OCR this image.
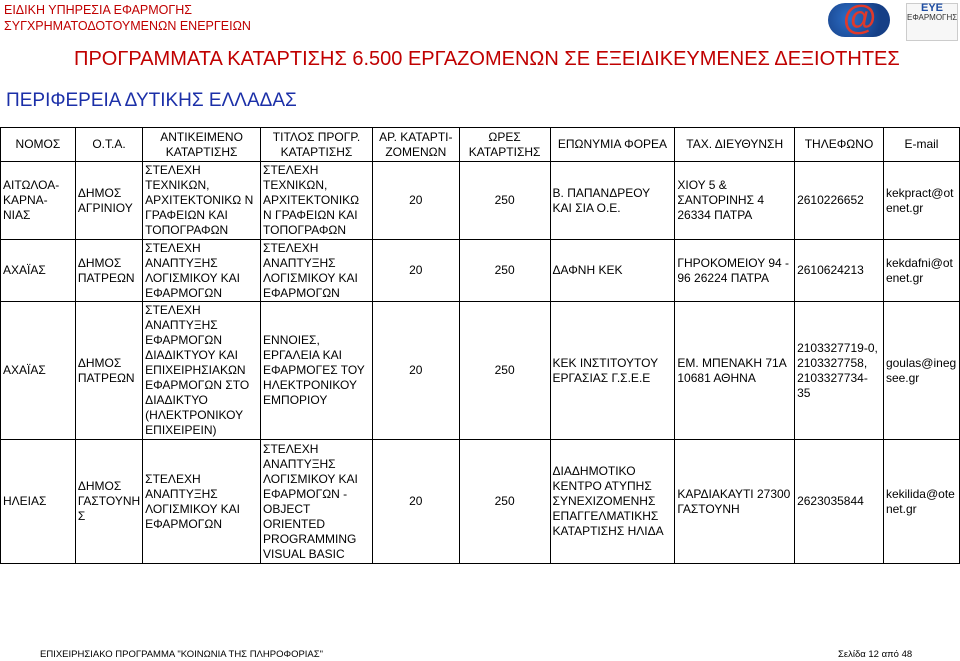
ΕΙΔΙΚΗ ΥΠΗΡΕΣΙΑ ΕΦΑΡΜΟΓΗΣ
ΣΥΓΧΡΗΜΑΤΟΔΟΤΟΥΜΕΝΩΝ ΕΝΕΡΓΕΙΩΝ	@	ΕΥΕ
ΕΦΑΡΜΟΓΗΣ
ΠΡΟΓΡΑΜΜΑΤΑ ΚΑΤΑΡΤΙΣΗΣ 6.500 ΕΡΓΑΖΟΜΕΝΩΝ ΣΕ ΕΞΕΙΔΙΚΕΥΜΕΝΕΣ ΔΕΞΙΟΤΗΤΕΣ
ΠΕΡΙΦΕΡΕΙΑ ΔΥΤΙΚΗΣ ΕΛΛΑΔΑΣ
ΝΟΜΟΣ	Ο.Τ.Α.	ΑΝΤΙΚΕΙΜΕΝΟ ΚΑΤΑΡΤΙΣΗΣ	ΤΙΤΛΟΣ ΠΡΟΓΡ. ΚΑΤΑΡΤΙΣΗΣ	ΑΡ. ΚΑΤΑΡΤΙ- ΖΟΜΕΝΩΝ	ΩΡΕΣ ΚΑΤΑΡΤΙΣΗΣ	ΕΠΩΝΥΜΙΑ ΦΟΡΕΑ	ΤΑΧ. ΔΙΕΥΘΥΝΣΗ	ΤΗΛΕΦΩΝΟ	E-mail
ΑΙΤΩΛΟΑ- ΚΑΡΝΑ- ΝΙΑΣ	ΔΗΜΟΣ ΑΓΡΙΝΙΟΥ	ΣΤΕΛΕΧΗ ΤΕΧΝΙΚΩΝ, ΑΡΧΙΤΕΚΤΟΝΙΚΩ Ν ΓΡΑΦΕΙΩΝ ΚΑΙ ΤΟΠΟΓΡΑΦΩΝ	ΣΤΕΛΕΧΗ ΤΕΧΝΙΚΩΝ, ΑΡΧΙΤΕΚΤΟΝΙΚΩ Ν ΓΡΑΦΕΙΩΝ ΚΑΙ ΤΟΠΟΓΡΑΦΩΝ	20	250	Β. ΠΑΠΑΝΔΡΕΟΥ ΚΑΙ ΣΙΑ Ο.Ε.	ΧΙΟΥ 5 & ΣΑΝΤΟΡΙΝΗΣ 4 26334 ΠΑΤΡΑ	2610226652	kekpract@ot enet.gr
ΑΧΑΪΑΣ	ΔΗΜΟΣ ΠΑΤΡΕΩΝ	ΣΤΕΛΕΧΗ ΑΝΑΠΤΥΞΗΣ ΛΟΓΙΣΜΙΚΟΥ ΚΑΙ ΕΦΑΡΜΟΓΩΝ	ΣΤΕΛΕΧΗ ΑΝΑΠΤΥΞΗΣ ΛΟΓΙΣΜΙΚΟΥ ΚΑΙ ΕΦΑΡΜΟΓΩΝ	20	250	ΔΑΦΝΗ ΚΕΚ	ΓΗΡΟΚΟΜΕΙΟΥ 94 - 96 26224 ΠΑΤΡΑ	2610624213	kekdafni@ot enet.gr
ΑΧΑΪΑΣ	ΔΗΜΟΣ ΠΑΤΡΕΩΝ	ΣΤΕΛΕΧΗ ΑΝΑΠΤΥΞΗΣ ΕΦΑΡΜΟΓΩΝ ΔΙΑΔΙΚΤΥΟΥ ΚΑΙ ΕΠΙΧΕΙΡΗΣΙΑΚΩΝ ΕΦΑΡΜΟΓΩΝ ΣΤΟ ΔΙΑΔΙΚΤΥΟ (ΗΛΕΚΤΡΟΝΙΚΟΥ ΕΠΙΧΕΙΡΕΙΝ)	ΕΝΝΟΙΕΣ, ΕΡΓΑΛΕΙΑ ΚΑΙ ΕΦΑΡΜΟΓΕΣ ΤΟΥ ΗΛΕΚΤΡΟΝΙΚΟΥ ΕΜΠΟΡΙΟΥ	20	250	ΚΕΚ ΙΝΣΤΙΤΟΥΤΟΥ ΕΡΓΑΣΙΑΣ Γ.Σ.Ε.Ε	ΕΜ. ΜΠΕΝΑΚΗ 71Α 10681 ΑΘΗΝΑ	2103327719-0, 2103327758, 2103327734-35	goulas@ineg see.gr
ΗΛΕΙΑΣ	ΔΗΜΟΣ ΓΑΣΤΟΥΝΗ Σ	ΣΤΕΛΕΧΗ ΑΝΑΠΤΥΞΗΣ ΛΟΓΙΣΜΙΚΟΥ ΚΑΙ ΕΦΑΡΜΟΓΩΝ	ΣΤΕΛΕΧΗ ΑΝΑΠΤΥΞΗΣ ΛΟΓΙΣΜΙΚΟΥ ΚΑΙ ΕΦΑΡΜΟΓΩΝ - OBJECT ORIENTED PROGRAMMING VISUAL BASIC	20	250	ΔΙΑΔΗΜΟΤΙΚΟ ΚΕΝΤΡΟ ΑΤΥΠΗΣ ΣΥΝΕΧΙΖΟΜΕΝΗΣ ΕΠΑΓΓΕΛΜΑΤΙΚΗΣ ΚΑΤΑΡΤΙΣΗΣ ΗΛΙΔΑ	ΚΑΡΔΙΑΚΑΥΤΙ 27300 ΓΑΣΤΟΥΝΗ	2623035844	kekilida@ote net.gr
ΕΠΙΧΕΙΡΗΣΙΑΚΟ ΠΡΟΓΡΑΜΜΑ "ΚΟΙΝΩΝΙΑ ΤΗΣ ΠΛΗΡΟΦΟΡΙΑΣ"	Σελίδα 12 από 48
